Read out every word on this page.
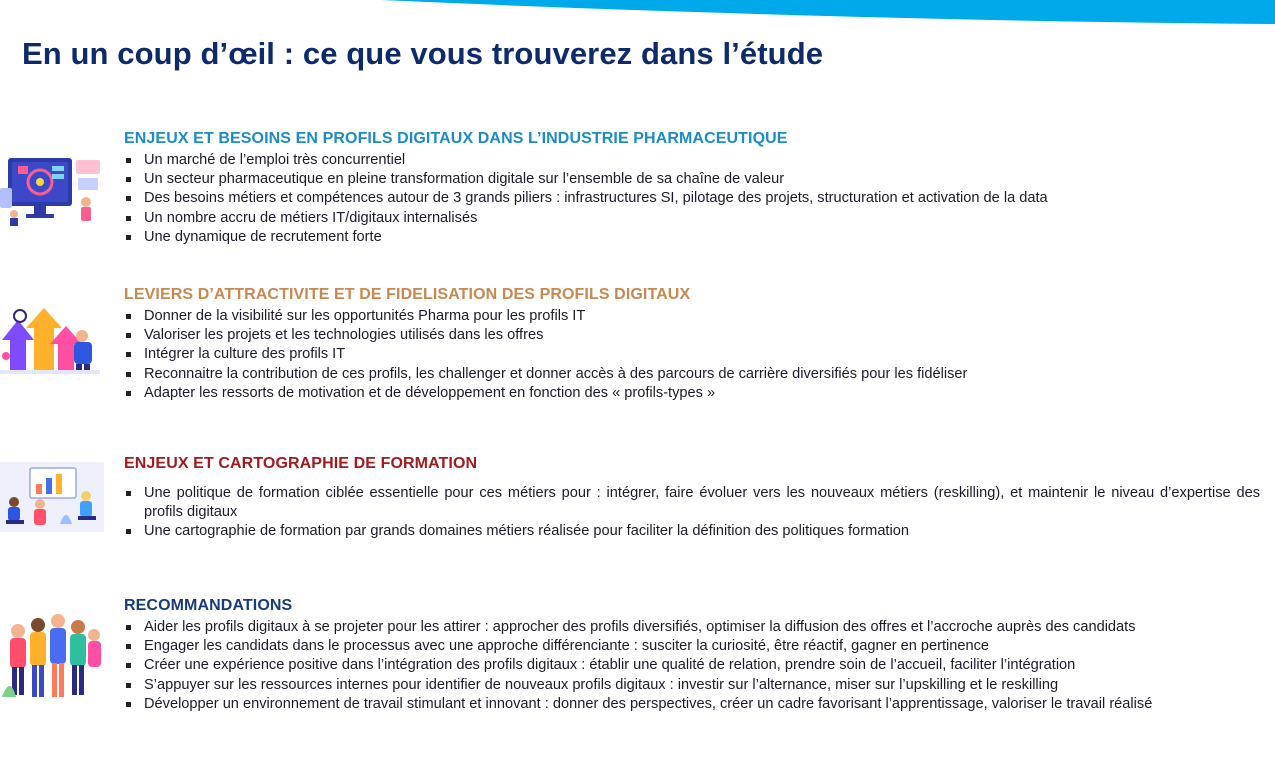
En un coup d’œil : ce que vous trouverez dans l’étude
ENJEUX ET BESOINS EN PROFILS DIGITAUX DANS L’INDUSTRIE PHARMACEUTIQUE
Un marché de l’emploi très concurrentiel
Un secteur pharmaceutique en pleine transformation digitale sur l’ensemble de sa chaîne de valeur
Des besoins métiers et compétences autour de 3 grands piliers : infrastructures SI, pilotage des projets, structuration et activation de la data
Un nombre accru de métiers IT/digitaux internalisés
Une dynamique de recrutement forte
LEVIERS D’ATTRACTIVITE ET DE FIDELISATION DES PROFILS DIGITAUX
Donner de la visibilité sur les opportunités Pharma pour les profils IT
Valoriser les projets et les technologies utilisés dans les offres
Intégrer la culture des profils IT
Reconnaitre la contribution de ces profils, les challenger et donner accès à des parcours de carrière diversifiés pour les fidéliser
Adapter les ressorts de motivation et de développement en fonction des « profils-types »
ENJEUX ET CARTOGRAPHIE DE FORMATION
Une politique de formation ciblée essentielle pour ces métiers pour : intégrer, faire évoluer vers les nouveaux métiers (reskilling), et maintenir le niveau d’expertise des profils digitaux
Une cartographie de formation par grands domaines métiers réalisée pour faciliter la définition des politiques formation
RECOMMANDATIONS
Aider les profils digitaux à se projeter pour les attirer : approcher des profils diversifiés, optimiser la diffusion des offres et l’accroche auprès des candidats
Engager les candidats dans le processus avec une approche différenciante : susciter la curiosité, être réactif, gagner en pertinence
Créer une expérience positive dans l’intégration des profils digitaux : établir une qualité de relation, prendre soin de l’accueil, faciliter l’intégration
S’appuyer sur les ressources internes pour identifier de nouveaux profils digitaux : investir sur l’alternance, miser sur l’upskilling et le reskilling
Développer un environnement de travail stimulant et innovant : donner des perspectives, créer un cadre favorisant l’apprentissage, valoriser le travail réalisé
